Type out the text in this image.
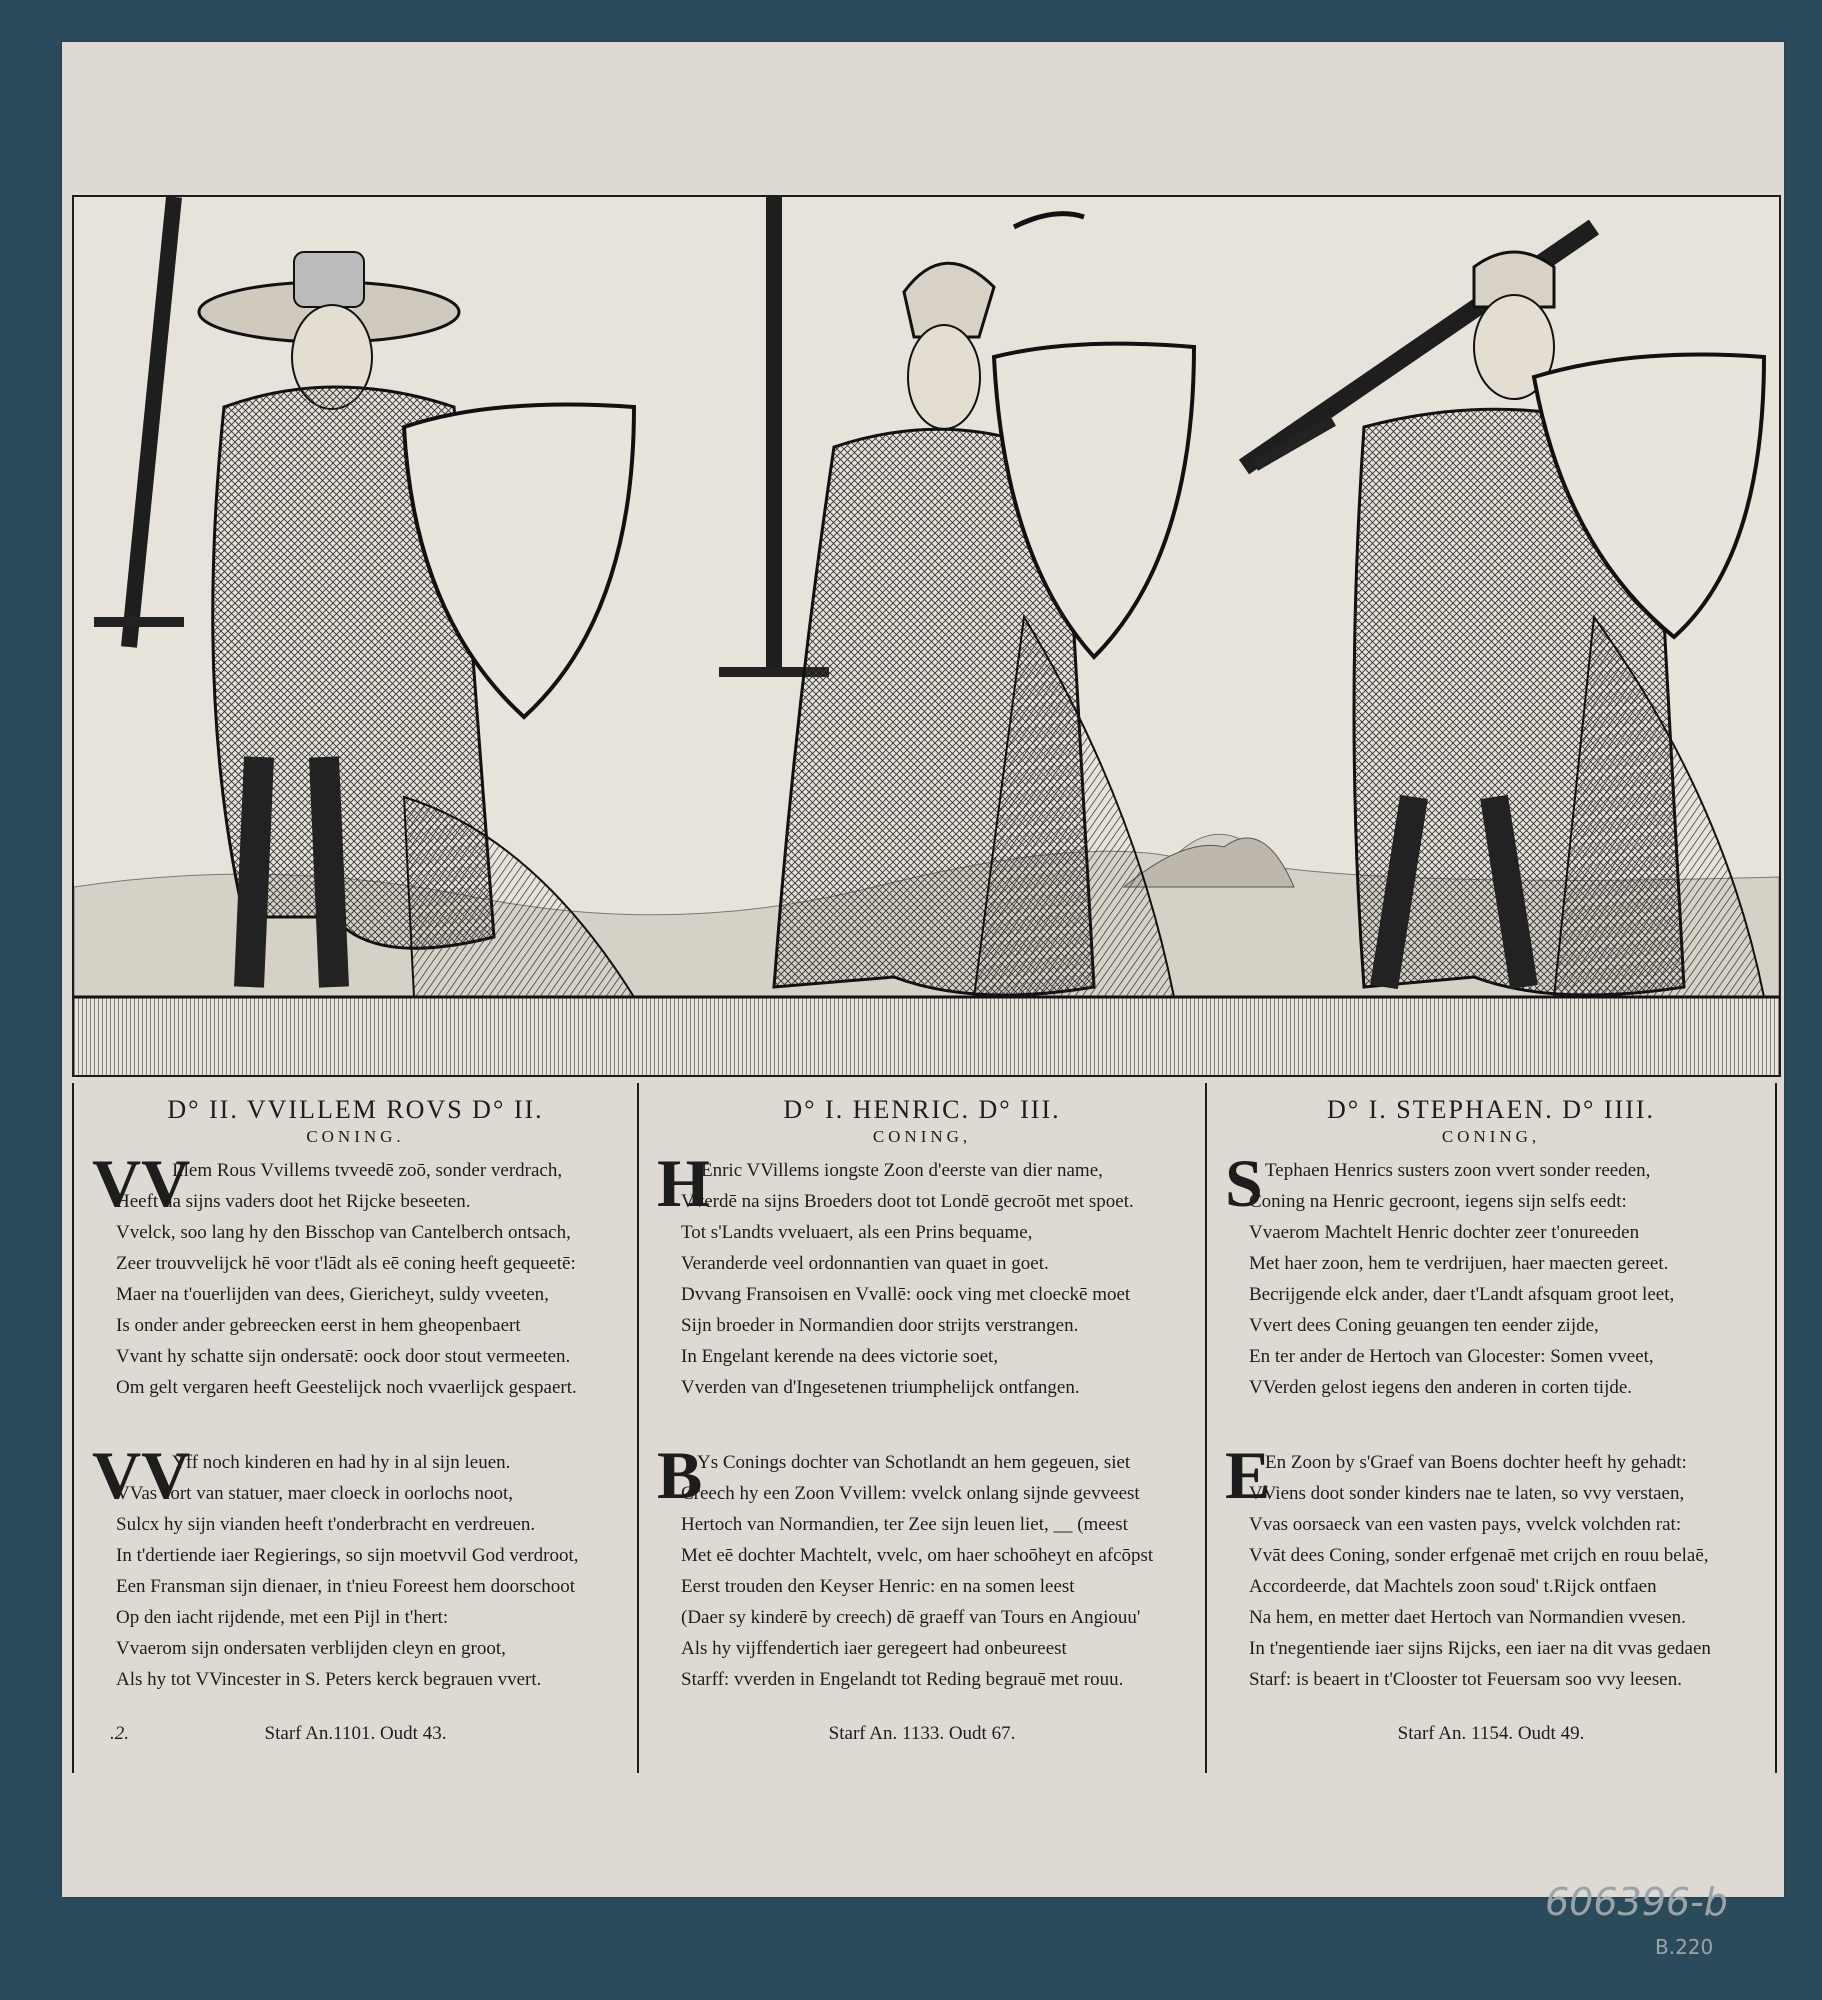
D° II. VVILLEM ROVS D° II.
CONING.
VV
Illem Rous Vvillems tvveedē zoō, sonder verdrach,
Heeft na sijns vaders doot het Rijcke beseeten.
Vvelck, soo lang hy den Bisschop van Cantelberch ontsach,
Zeer trouvvelijck hē voor t'lādt als eē coning heeft gequeetē:
Maer na t'ouerlijden van dees, Giericheyt, suldy vveeten,
Is onder ander gebreecken eerst in hem gheopenbaert
Vvant hy schatte sijn ondersatē: oock door stout vermeeten.
Om gelt vergaren heeft Geestelijck noch vvaerlijck gespaert.
VV
Yff noch kinderen en had hy in al sijn leuen.
VVas cort van statuer, maer cloeck in oorlochs noot,
Sulcx hy sijn vianden heeft t'onderbracht en verdreuen.
In t'dertiende iaer Regierings, so sijn moetvvil God verdroot,
Een Fransman sijn dienaer, in t'nieu Foreest hem doorschoot
Op den iacht rijdende, met een Pijl in t'hert:
Vvaerom sijn ondersaten verblijden cleyn en groot,
Als hy tot VVincester in S. Peters kerck begrauen vvert.
.2.	Starf An.1101. Oudt 43.
D° I. HENRIC. D° III.
CONING,
H
Enric VVillems iongste Zoon d'eerste van dier name,
Vverdē na sijns Broeders doot tot Londē gecroōt met spoet.
Tot s'Landts vveluaert, als een Prins bequame,
Veranderde veel ordonnantien van quaet in goet.
Dvvang Fransoisen en Vvallē: oock ving met cloeckē moet
Sijn broeder in Normandien door strijts verstrangen.
In Engelant kerende na dees victorie soet,
Vverden van d'Ingesetenen triumphelijck ontfangen.
B
Ys Conings dochter van Schotlandt an hem gegeuen, siet
Creech hy een Zoon Vvillem: vvelck onlang sijnde gevveest
Hertoch van Normandien, ter Zee sijn leuen liet, __ (meest
Met eē dochter Machtelt, vvelc, om haer schoōheyt en afcōpst
Eerst trouden den Keyser Henric: en na somen leest
(Daer sy kinderē by creech) dē graeff van Tours en Angiouu'
Als hy vijffendertich iaer geregeert had onbeureest
Starff: vverden in Engelandt tot Reding begrauē met rouu.
Starf An. 1133. Oudt 67.
D° I. STEPHAEN. D° IIII.
CONING,
S Tephaen Henrics susters zoon vvert sonder reeden,
Coning na Henric gecroont, iegens sijn selfs eedt:
Vvaerom Machtelt Henric dochter zeer t'onureeden
Met haer zoon, hem te verdrijuen, haer maecten gereet.
Becrijgende elck ander, daer t'Landt afsquam groot leet,
Vvert dees Coning geuangen ten eender zijde,
En ter ander de Hertoch van Glocester: Somen vveet,
VVerden gelost iegens den anderen in corten tijde.
E
En Zoon by s'Graef van Boens dochter heeft hy gehadt:
VViens doot sonder kinders nae te laten, so vvy verstaen,
Vvas oorsaeck van een vasten pays, vvelck volchden rat:
Vvāt dees Coning, sonder erfgenaē met crijch en rouu belaē,
Accordeerde, dat Machtels zoon soud' t.Rijck ontfaen
Na hem, en metter daet Hertoch van Normandien vvesen.
In t'negentiende iaer sijns Rijcks, een iaer na dit vvas gedaen
Starf: is beaert in t'Clooster tot Feuersam soo vvy leesen.
Starf An. 1154. Oudt 49.
606396-b
B.220
